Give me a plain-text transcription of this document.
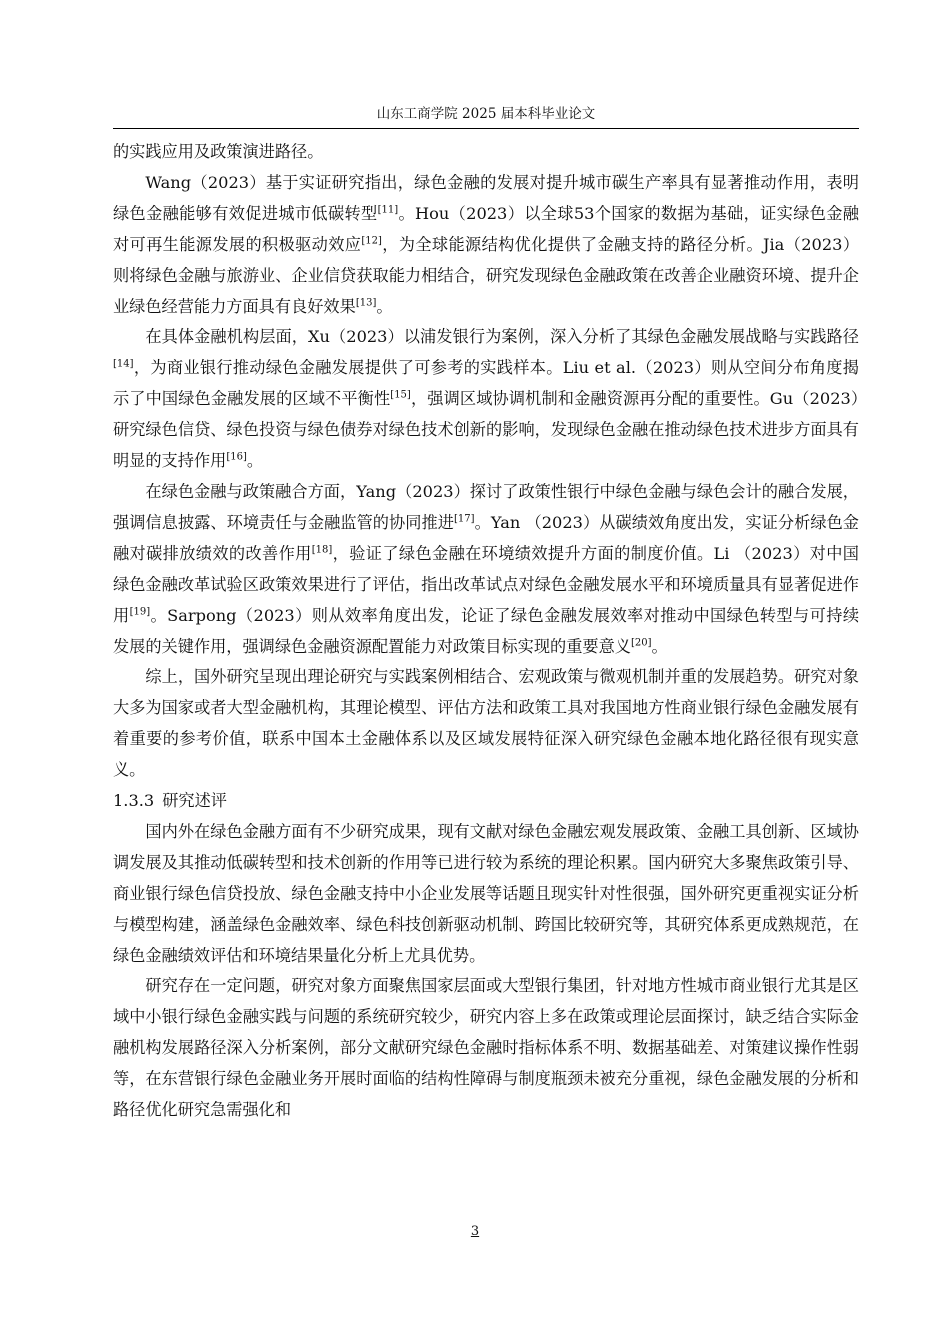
山东工商学院 2025 届本科毕业论文

的实践应用及政策演进路径。

Wang（2023）基于实证研究指出，绿色金融的发展对提升城市碳生产率具有显著推动作用，表明绿色金融能够有效促进城市低碳转型[11]。Hou（2023）以全球53个国家的数据为基础，证实绿色金融对可再生能源发展的积极驱动效应[12]，为全球能源结构优化提供了金融支持的路径分析。Jia（2023）则将绿色金融与旅游业、企业信贷获取能力相结合，研究发现绿色金融政策在改善企业融资环境、提升企业绿色经营能力方面具有良好效果[13]。

在具体金融机构层面，Xu（2023）以浦发银行为案例，深入分析了其绿色金融发展战略与实践路径[14]，为商业银行推动绿色金融发展提供了可参考的实践样本。Liu et al.（2023）则从空间分布角度揭示了中国绿色金融发展的区域不平衡性[15]，强调区域协调机制和金融资源再分配的重要性。Gu（2023）研究绿色信贷、绿色投资与绿色债券对绿色技术创新的影响，发现绿色金融在推动绿色技术进步方面具有明显的支持作用[16]。

在绿色金融与政策融合方面，Yang（2023）探讨了政策性银行中绿色金融与绿色会计的融合发展，强调信息披露、环境责任与金融监管的协同推进[17]。Yan （2023）从碳绩效角度出发，实证分析绿色金融对碳排放绩效的改善作用[18]，验证了绿色金融在环境绩效提升方面的制度价值。Li （2023）对中国绿色金融改革试验区政策效果进行了评估，指出改革试点对绿色金融发展水平和环境质量具有显著促进作用[19]。Sarpong（2023）则从效率角度出发，论证了绿色金融发展效率对推动中国绿色转型与可持续发展的关键作用，强调绿色金融资源配置能力对政策目标实现的重要意义[20]。

综上，国外研究呈现出理论研究与实践案例相结合、宏观政策与微观机制并重的发展趋势。研究对象大多为国家或者大型金融机构，其理论模型、评估方法和政策工具对我国地方性商业银行绿色金融发展有着重要的参考价值，联系中国本土金融体系以及区域发展特征深入研究绿色金融本地化路径很有现实意义。

1.3.3 研究述评

国内外在绿色金融方面有不少研究成果，现有文献对绿色金融宏观发展政策、金融工具创新、区域协调发展及其推动低碳转型和技术创新的作用等已进行较为系统的理论积累。国内研究大多聚焦政策引导、商业银行绿色信贷投放、绿色金融支持中小企业发展等话题且现实针对性很强，国外研究更重视实证分析与模型构建，涵盖绿色金融效率、绿色科技创新驱动机制、跨国比较研究等，其研究体系更成熟规范，在绿色金融绩效评估和环境结果量化分析上尤具优势。

研究存在一定问题，研究对象方面聚焦国家层面或大型银行集团，针对地方性城市商业银行尤其是区域中小银行绿色金融实践与问题的系统研究较少，研究内容上多在政策或理论层面探讨，缺乏结合实际金融机构发展路径深入分析案例，部分文献研究绿色金融时指标体系不明、数据基础差、对策建议操作性弱等，在东营银行绿色金融业务开展时面临的结构性障碍与制度瓶颈未被充分重视，绿色金融发展的分析和路径优化研究急需强化和

3
